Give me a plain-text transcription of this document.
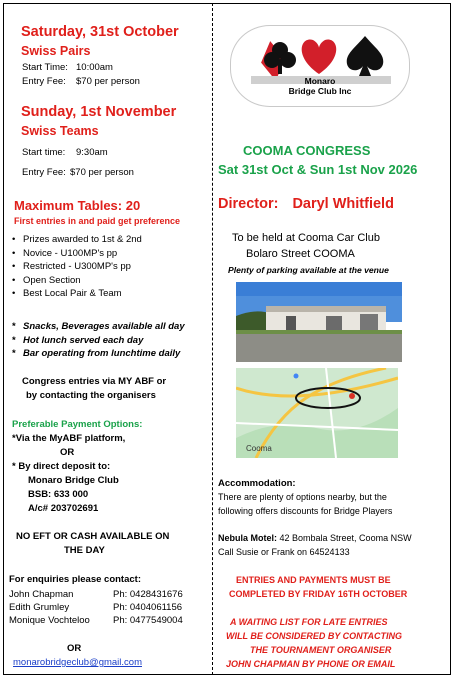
Saturday, 31st October
Swiss Pairs
Start Time: 10:00am
Entry Fee: $70 per person
Sunday, 1st November
Swiss Teams
Start time: 9:30am
Entry Fee: $70 per person
Maximum Tables: 20
First entries in and paid get preference
• Prizes awarded to 1st & 2nd
• Novice - U100MP's pp
• Restricted - U300MP's pp
• Open Section
• Best Local Pair & Team
* Snacks, Beverages available all day
* Hot lunch served each day
* Bar operating from lunchtime daily
Congress entries via MY ABF or
by contacting the organisers
Preferable Payment Options:
*Via the MyABF platform,
OR
* By direct deposit to:
Monaro Bridge Club
BSB: 633 000
A/c# 203702691
NO EFT OR CASH AVAILABLE ON
THE DAY
For enquiries please contact:
John Chapman	Ph: 0428431676
Edith Grumley	Ph: 0404061156
Monique Vochteloo Ph: 0477549004
OR
monarobridgeclub@gmail.com
Monaro
Bridge Club Inc
COOMA CONGRESS
Sat 31st Oct & Sun 1st Nov 2026
Director: Daryl Whitfield
To be held at Cooma Car Club
Bolaro Street COOMA
Plenty of parking available at the venue
Cooma
Accommodation:
There are plenty of options nearby, but the
following offers discounts for Bridge Players
Nebula Motel: 42 Bombala Street, Cooma NSW
Call Susie or Frank on 64524133
ENTRIES AND PAYMENTS MUST BE
COMPLETED BY FRIDAY 16TH OCTOBER
A WAITING LIST FOR LATE ENTRIES
WILL BE CONSIDERED BY CONTACTING
THE TOURNAMENT ORGANISER
JOHN CHAPMAN BY PHONE OR EMAIL
